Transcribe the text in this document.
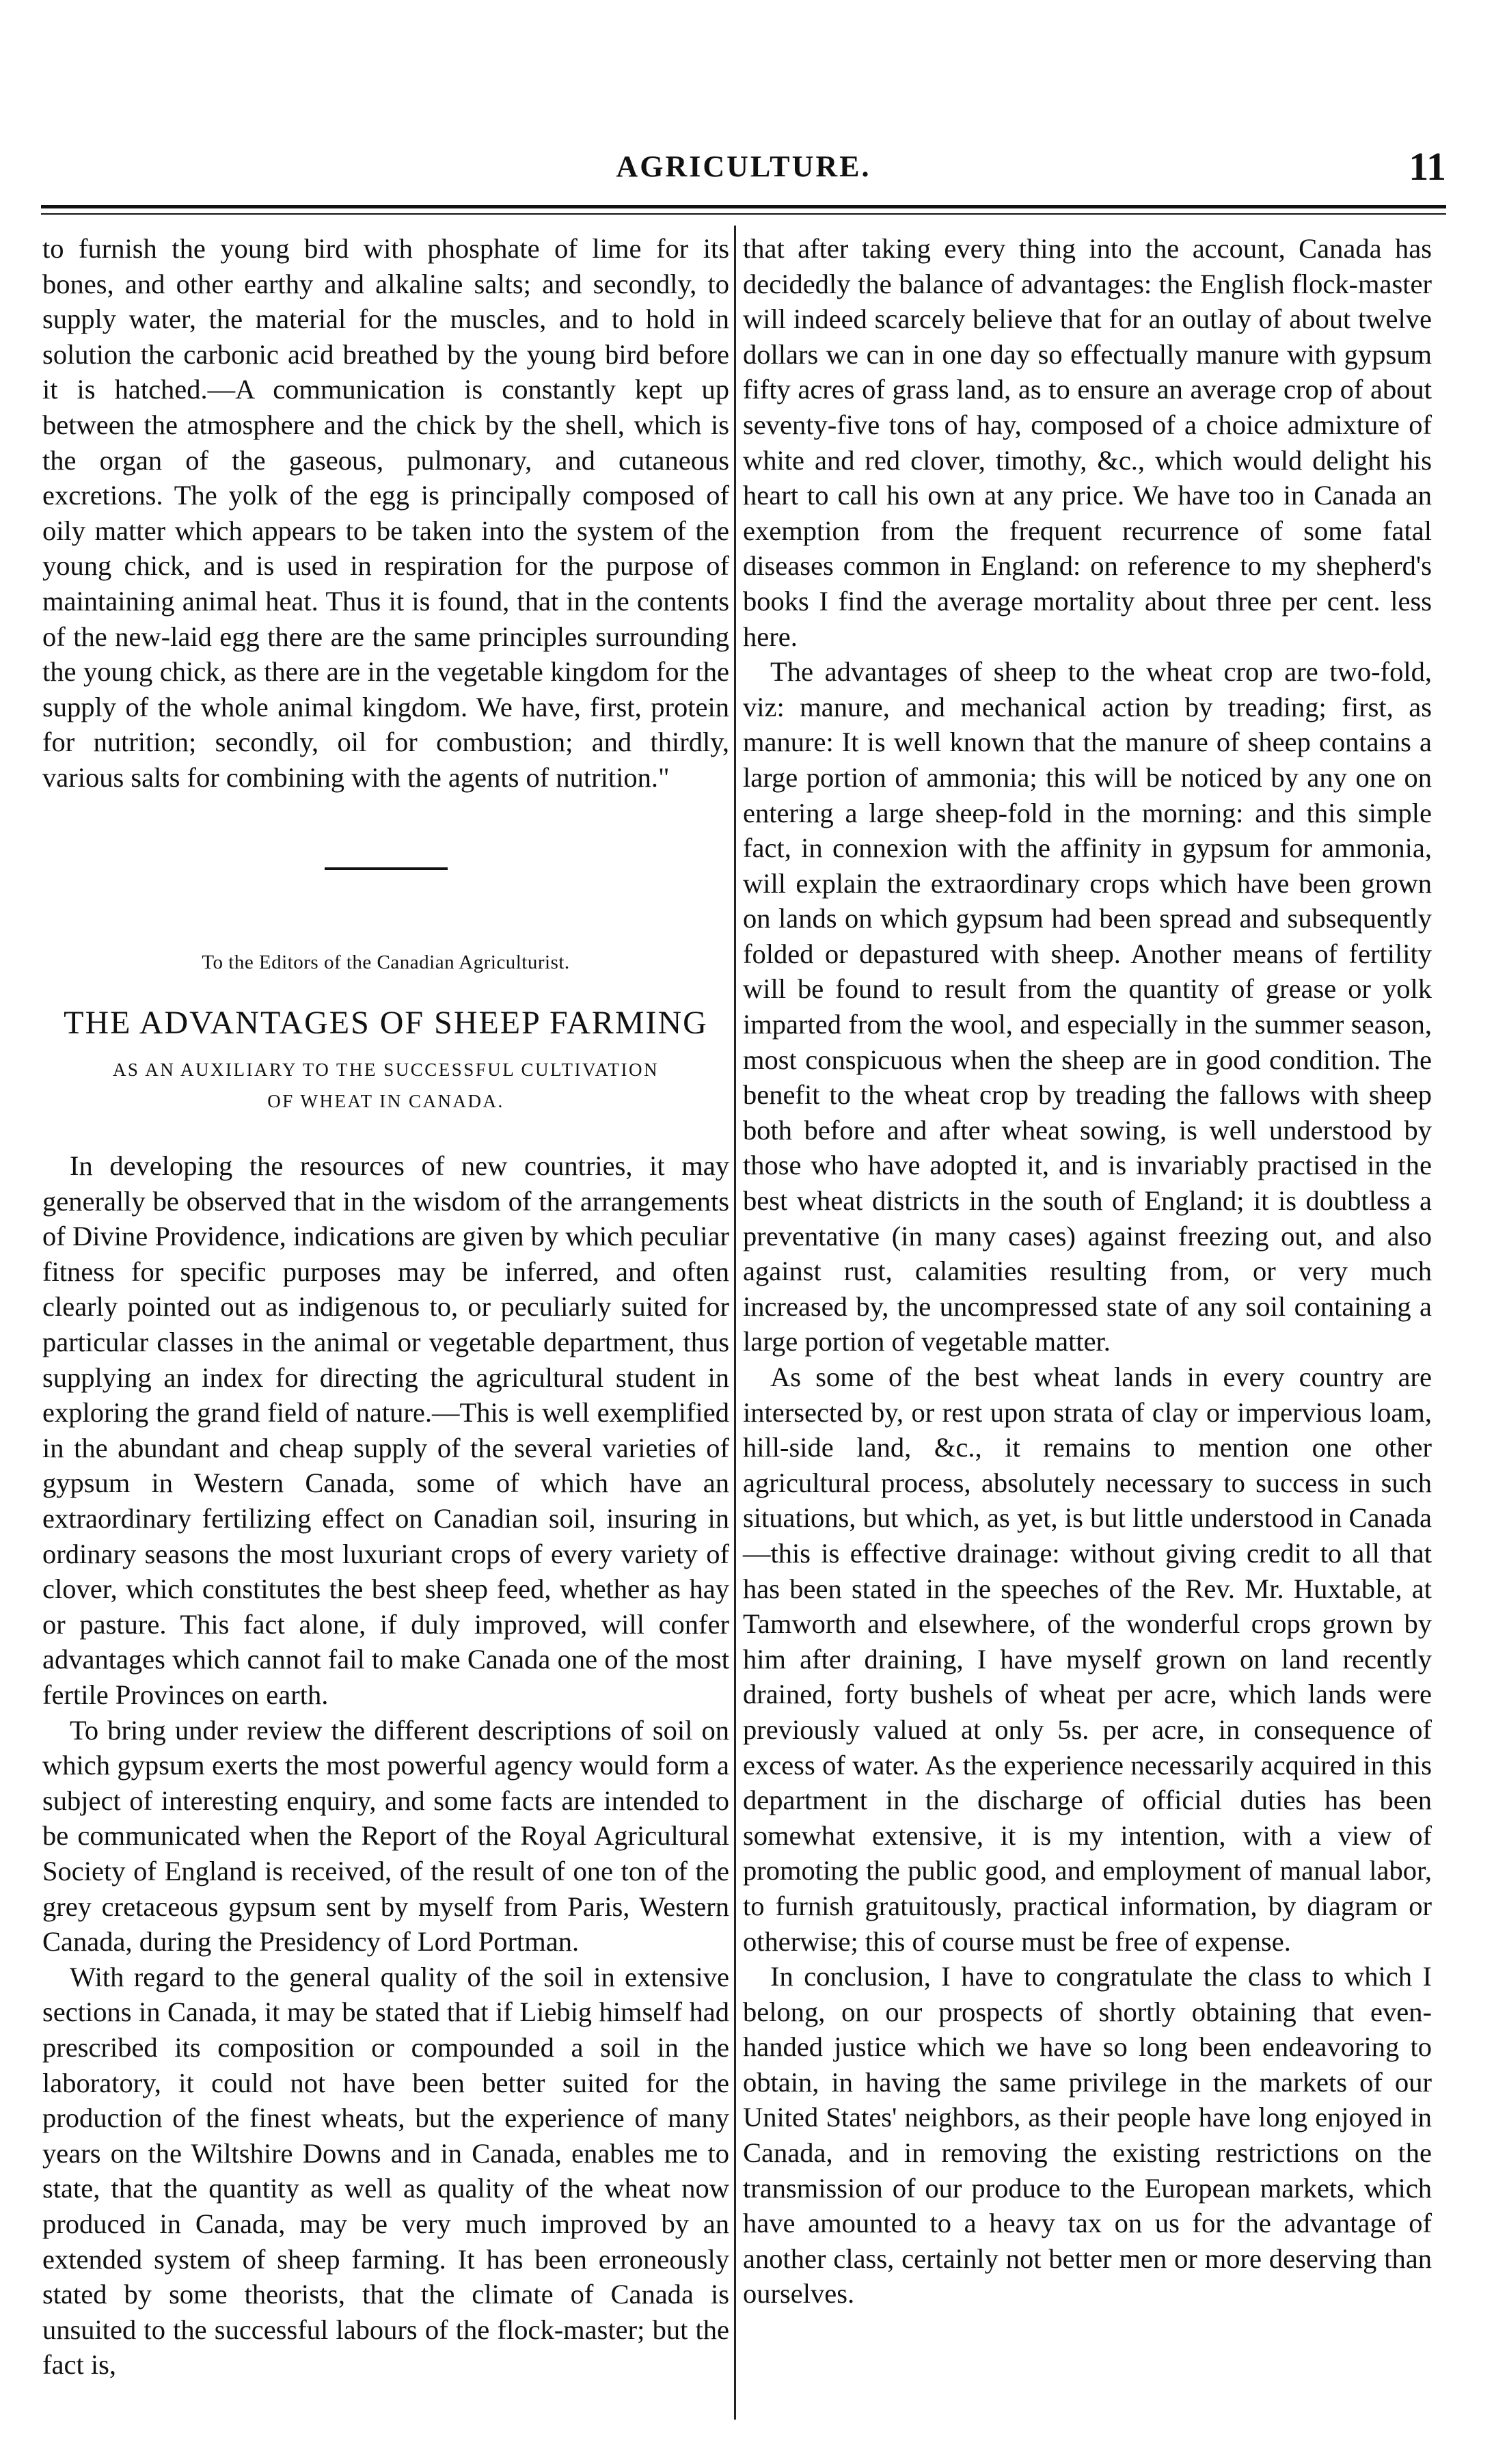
AGRICULTURE.	11

to furnish the young bird with phosphate of lime for its bones, and other earthy and alkaline salts; and secondly, to supply water, the material for the muscles, and to hold in solution the carbonic acid breathed by the young bird before it is hatched.—A communication is constantly kept up between the atmosphere and the chick by the shell, which is the organ of the gaseous, pulmonary, and cutaneous excretions. The yolk of the egg is principally composed of oily matter which appears to be taken into the system of the young chick, and is used in respiration for the purpose of maintaining animal heat. Thus it is found, that in the contents of the new-laid egg there are the same principles surrounding the young chick, as there are in the vegetable kingdom for the supply of the whole animal kingdom. We have, first, protein for nutrition; secondly, oil for combustion; and thirdly, various salts for combining with the agents of nutrition."

To the Editors of the Canadian Agriculturist.
THE ADVANTAGES OF SHEEP FARMING
AS AN AUXILIARY TO THE SUCCESSFUL CULTIVATION
OF WHEAT IN CANADA.

In developing the resources of new countries, it may generally be observed that in the wisdom of the arrangements of Divine Providence, indications are given by which peculiar fitness for specific purposes may be inferred, and often clearly pointed out as indigenous to, or peculiarly suited for particular classes in the animal or vegetable department, thus supplying an index for directing the agricultural student in exploring the grand field of nature.—This is well exemplified in the abundant and cheap supply of the several varieties of gypsum in Western Canada, some of which have an extraordinary fertilizing effect on Canadian soil, insuring in ordinary seasons the most luxuriant crops of every variety of clover, which constitutes the best sheep feed, whether as hay or pasture. This fact alone, if duly improved, will confer advantages which cannot fail to make Canada one of the most fertile Provinces on earth.

To bring under review the different descriptions of soil on which gypsum exerts the most powerful agency would form a subject of interesting enquiry, and some facts are intended to be communicated when the Report of the Royal Agricultural Society of England is received, of the result of one ton of the grey cretaceous gypsum sent by myself from Paris, Western Canada, during the Presidency of Lord Portman.

With regard to the general quality of the soil in extensive sections in Canada, it may be stated that if Liebig himself had prescribed its composition or compounded a soil in the laboratory, it could not have been better suited for the production of the finest wheats, but the experience of many years on the Wiltshire Downs and in Canada, enables me to state, that the quantity as well as quality of the wheat now produced in Canada, may be very much improved by an extended system of sheep farming. It has been erroneously stated by some theorists, that the climate of Canada is unsuited to the successful labours of the flock-master; but the fact is,

that after taking every thing into the account, Canada has decidedly the balance of advantages: the English flock-master will indeed scarcely believe that for an outlay of about twelve dollars we can in one day so effectually manure with gypsum fifty acres of grass land, as to ensure an average crop of about seventy-five tons of hay, composed of a choice admixture of white and red clover, timothy, &c., which would delight his heart to call his own at any price. We have too in Canada an exemption from the frequent recurrence of some fatal diseases common in England: on reference to my shepherd's books I find the average mortality about three per cent. less here.

The advantages of sheep to the wheat crop are two-fold, viz: manure, and mechanical action by treading; first, as manure: It is well known that the manure of sheep contains a large portion of ammonia; this will be noticed by any one on entering a large sheep-fold in the morning: and this simple fact, in connexion with the affinity in gypsum for ammonia, will explain the extraordinary crops which have been grown on lands on which gypsum had been spread and subsequently folded or depastured with sheep. Another means of fertility will be found to result from the quantity of grease or yolk imparted from the wool, and especially in the summer season, most conspicuous when the sheep are in good condition. The benefit to the wheat crop by treading the fallows with sheep both before and after wheat sowing, is well understood by those who have adopted it, and is invariably practised in the best wheat districts in the south of England; it is doubtless a preventative (in many cases) against freezing out, and also against rust, calamities resulting from, or very much increased by, the uncompressed state of any soil containing a large portion of vegetable matter.

As some of the best wheat lands in every country are intersected by, or rest upon strata of clay or impervious loam, hill-side land, &c., it remains to mention one other agricultural process, absolutely necessary to success in such situations, but which, as yet, is but little understood in Canada—this is effective drainage: without giving credit to all that has been stated in the speeches of the Rev. Mr. Huxtable, at Tamworth and elsewhere, of the wonderful crops grown by him after draining, I have myself grown on land recently drained, forty bushels of wheat per acre, which lands were previously valued at only 5s. per acre, in consequence of excess of water. As the experience necessarily acquired in this department in the discharge of official duties has been somewhat extensive, it is my intention, with a view of promoting the public good, and employment of manual labor, to furnish gratuitously, practical information, by diagram or otherwise; this of course must be free of expense.

In conclusion, I have to congratulate the class to which I belong, on our prospects of shortly obtaining that even-handed justice which we have so long been endeavoring to obtain, in having the same privilege in the markets of our United States' neighbors, as their people have long enjoyed in Canada, and in removing the existing restrictions on the transmission of our produce to the European markets, which have amounted to a heavy tax on us for the advantage of another class, certainly not better men or more deserving than ourselves.
